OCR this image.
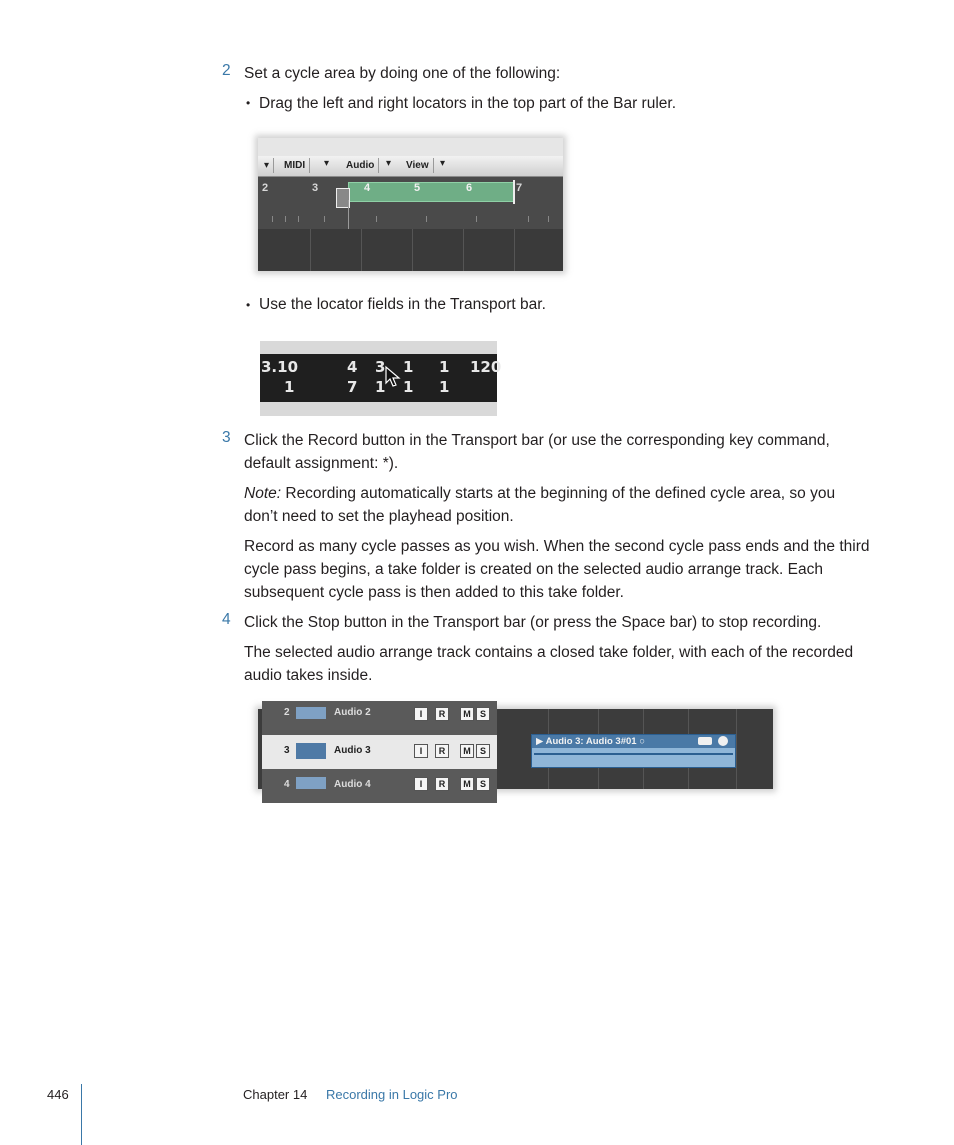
2 Set a cycle area by doing one of the following:
• Drag the left and right locators in the top part of the Bar ruler.
▾	MIDI	▾	Audio	▾	View	▾
2	3	4	5	6	7
• Use the locator fields in the Transport bar.
3.10	4 3 1 1 120
1	7 1 1 1
3 Click the Record button in the Transport bar (or use the corresponding key command,
default assignment: *).
Note: Recording automatically starts at the beginning of the defined cycle area, so you
don’t need to set the playhead position.
Record as many cycle passes as you wish. When the second cycle pass ends and the third
cycle pass begins, a take folder is created on the selected audio arrange track. Each
subsequent cycle pass is then added to this take folder.
4 Click the Stop button in the Transport bar (or press the Space bar) to stop recording.
The selected audio arrange track contains a closed take folder, with each of the recorded
audio takes inside.
2	Audio 2	I	R	M	S
3	Audio 3	I	R	M	S
4	Audio 4	I	R	M	S
▶ Audio 3: Audio 3#01 ○
446	Chapter 14 Recording in Logic Pro
